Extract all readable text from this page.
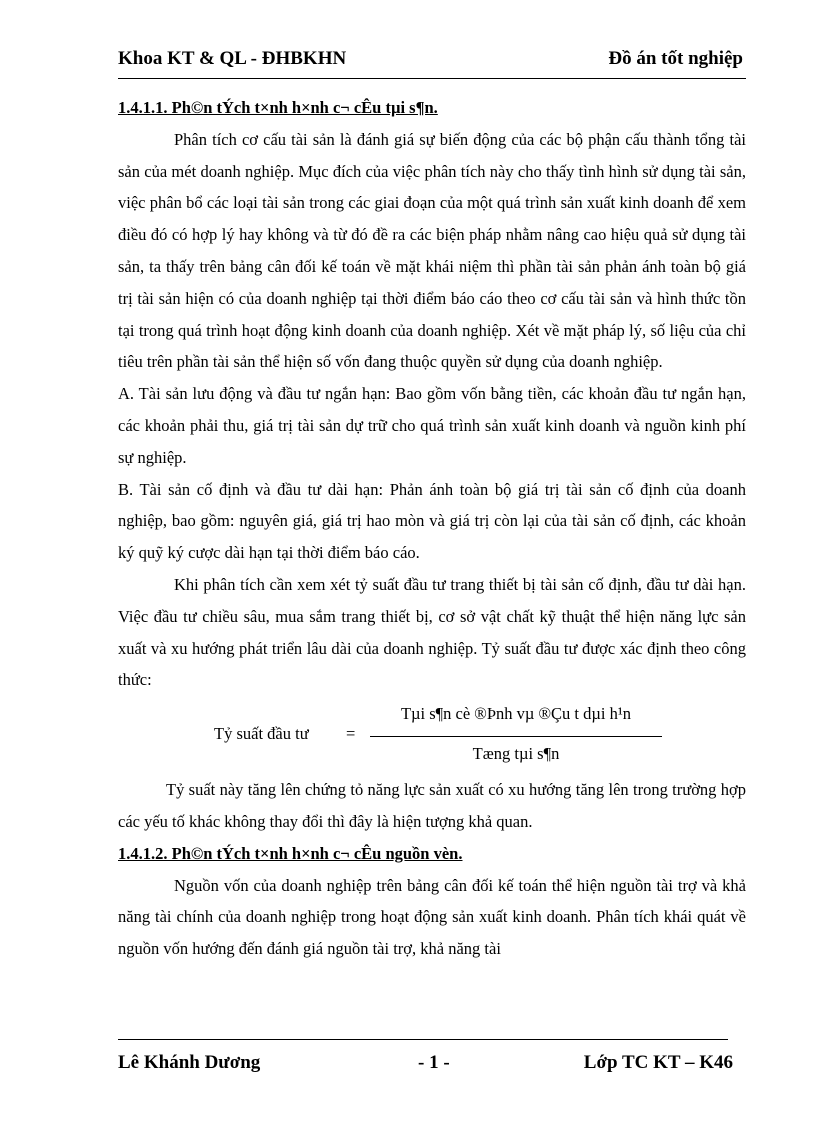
Khoa KT & QL - ĐHBKHN	Đồ án tốt nghiệp
1.4.1.1. Ph©n tÝch t×nh h×nh c¬ cÊu tµi s¶n.

Phân tích cơ cấu tài sản là đánh giá sự biến động của các bộ phận cấu thành tổng tài sản của mét doanh nghiệp. Mục đích của việc phân tích này cho thấy tình hình sử dụng tài sản, việc phân bổ các loại tài sản trong các giai đoạn của một quá trình sản xuất kinh doanh để xem điều đó có hợp lý hay không và từ đó đề ra các biện pháp nhằm nâng cao hiệu quả sử dụng tài sản, ta thấy trên bảng cân đối kế toán về mặt khái niệm thì phần tài sản phản ánh toàn bộ giá trị tài sản hiện có của doanh nghiệp tại thời điểm báo cáo theo cơ cấu tài sản và hình thức tồn tại trong quá trình hoạt động kinh doanh của doanh nghiệp. Xét về mặt pháp lý, số liệu của chỉ tiêu trên phần tài sản thể hiện số vốn đang thuộc quyền sử dụng của doanh nghiệp.

A. Tài sản lưu động và đầu tư ngắn hạn: Bao gồm vốn bằng tiền, các khoản đầu tư ngắn hạn, các khoản phải thu, giá trị tài sản dự trữ cho quá trình sản xuất kinh doanh và nguồn kinh phí sự nghiệp.

B. Tài sản cố định và đầu tư dài hạn: Phản ánh toàn bộ giá trị tài sản cố định của doanh nghiệp, bao gồm: nguyên giá, giá trị hao mòn và giá trị còn lại của tài sản cố định, các khoản ký quỹ ký cược dài hạn tại thời điểm báo cáo.

Khi phân tích cần xem xét tỷ suất đầu tư trang thiết bị tài sản cố định, đầu tư dài hạn. Việc đầu tư chiều sâu, mua sắm trang thiết bị, cơ sở vật chất kỹ thuật thể hiện năng lực sản xuất và xu hướng phát triển lâu dài của doanh nghiệp. Tỷ suất đầu tư được xác định theo công thức:

Tỷ suất đầu tư =
Tµi s¶n cè ®Þnh vµ ®Çu t dµi h¹n
Tæng tµi s¶n

Tỷ suất này tăng lên chứng tỏ năng lực sản xuất có xu hướng tăng lên trong trường hợp các yếu tố khác không thay đổi thì đây là hiện tượng khả quan.

1.4.1.2. Ph©n tÝch t×nh h×nh c¬ cÊu nguồn vèn.

Nguồn vốn của doanh nghiệp trên bảng cân đối kế toán thể hiện nguồn tài trợ và khả năng tài chính của doanh nghiệp trong hoạt động sản xuất kinh doanh. Phân tích khái quát về nguồn vốn hướng đến đánh giá nguồn tài trợ, khả năng tài

Lê Khánh Dương	- 1 -	Lớp TC KT – K46
